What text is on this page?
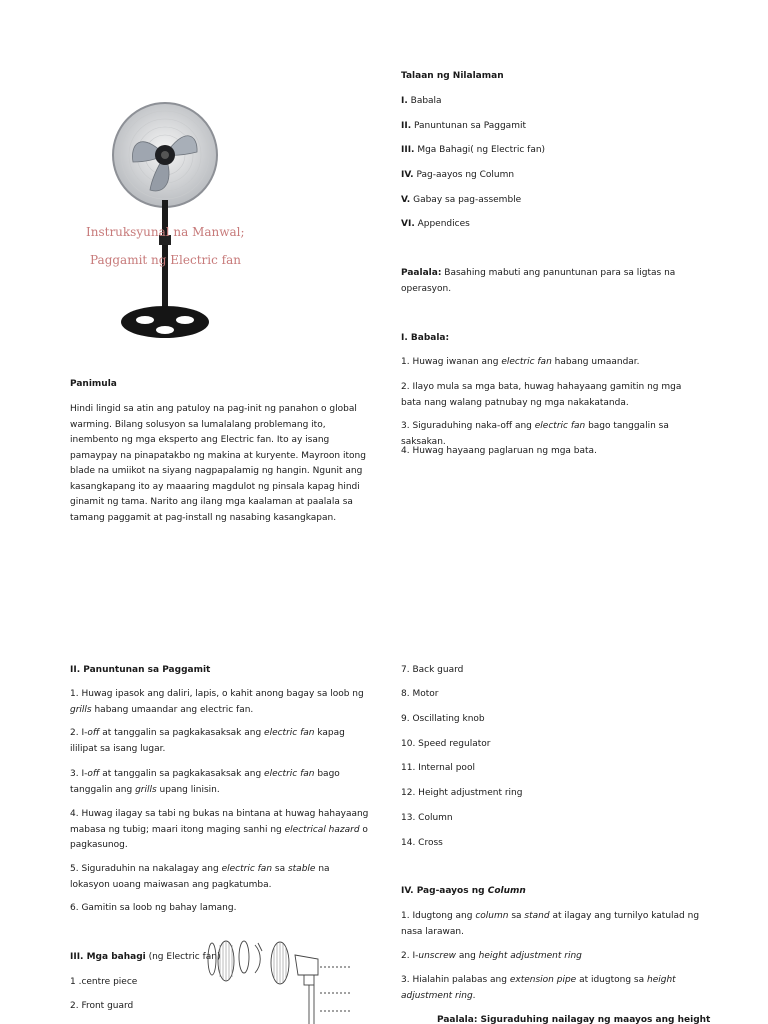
Instruksyunal na Manwal;
Paggamit ng Electric fan
Panimula
Hindi lingid sa atin ang patuloy na pag-init ng panahon o global warming. Bilang solusyon sa lumalalang problemang ito, inembento ng mga eksperto ang Electric fan. Ito ay isang pamaypay na pinapatakbo ng makina at kuryente. Mayroon itong blade na umiikot na siyang nagpapalamig ng hangin. Ngunit ang kasangkapang ito ay maaaring magdulot ng pinsala kapag hindi ginamit ng tama. Narito ang ilang mga kaalaman at paalala sa tamang paggamit at pag-install ng nasabing kasangkapan.
Talaan ng Nilalaman
I. Babala
II. Panuntunan sa Paggamit
III. Mga Bahagi( ng Electric fan)
IV. Pag-aayos ng Column
V. Gabay sa pag-assemble
VI. Appendices
Paalala: Basahing mabuti ang panuntunan para sa ligtas na operasyon.
I. Babala:
1. Huwag iwanan ang electric fan habang umaandar.
2. Ilayo mula sa mga bata, huwag hahayaang gamitin ng mga bata nang walang patnubay ng mga nakakatanda.
3. Siguraduhing naka-off ang electric fan bago tanggalin sa saksakan.
4. Huwag hayaang paglaruan ng mga bata.
II. Panuntunan sa Paggamit
1. Huwag ipasok ang daliri, lapis, o kahit anong bagay sa loob ng grills habang umaandar ang electric fan.
2. I-off at tanggalin sa pagkakasaksak ang electric fan kapag ililipat sa isang lugar.
3. I-off at tanggalin sa pagkakasaksak ang electric fan bago tanggalin ang grills upang linisin.
4. Huwag ilagay sa tabi ng bukas na bintana at huwag hahayaang mabasa ng tubig; maari itong maging sanhi ng electrical hazard o pagkasunog.
5. Siguraduhin na nakalagay ang electric fan sa stable na lokasyon uoang maiwasan ang pagkatumba.
6. Gamitin sa loob ng bahay lamang.
III. Mga bahagi (ng Electric fan)
1 .centre piece
2. Front guard
7. Back guard
8. Motor
9. Oscillating knob
10. Speed regulator
11. Internal pool
12. Height adjustment ring
13. Column
14. Cross
IV. Pag-aayos ng Column
1. Idugtong ang column sa stand at ilagay ang turnilyo katulad ng nasa larawan.
2. I-unscrew ang height adjustment ring
3. Hialahin palabas ang extension pipe at idugtong sa height adjustment ring.
Paalala: Siguraduhing nailagay ng maayos ang height
